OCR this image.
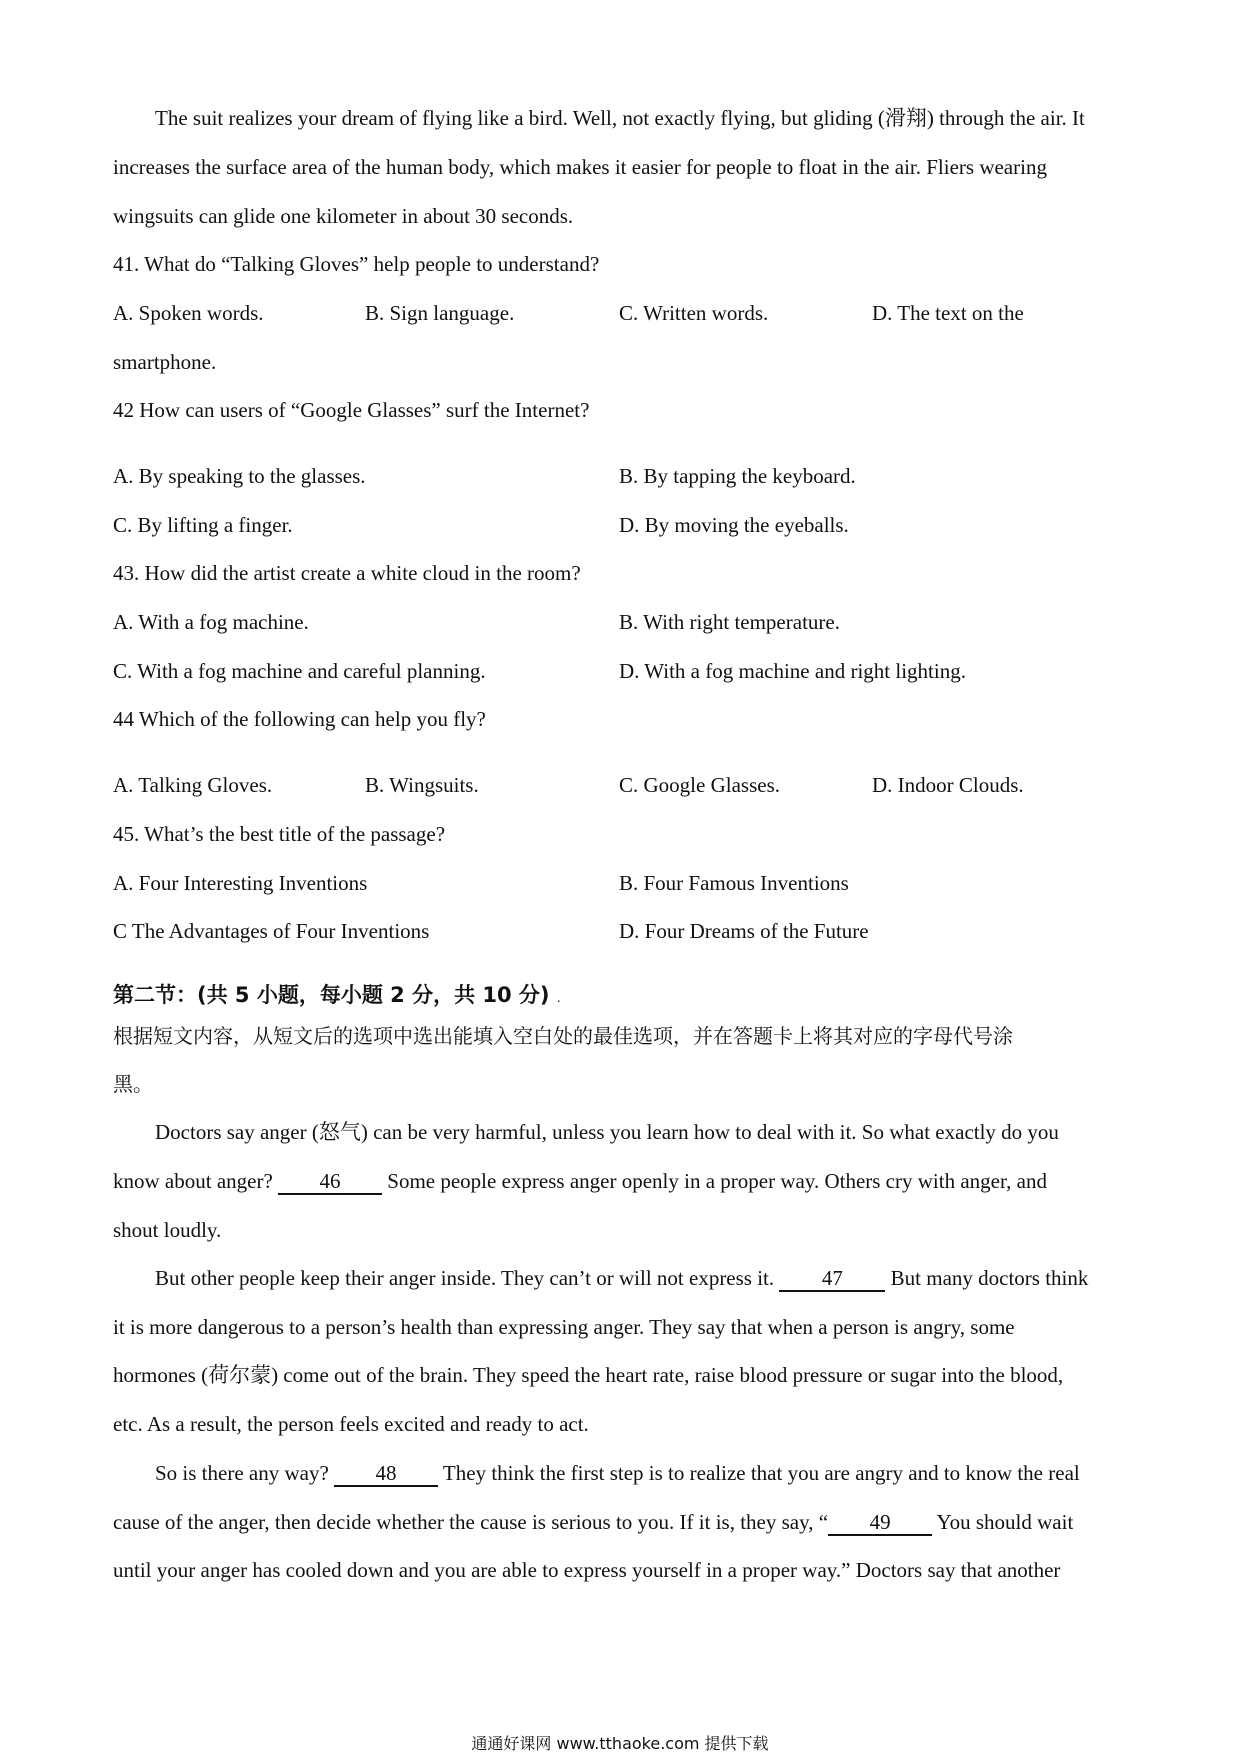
The suit realizes your dream of flying like a bird. Well, not exactly flying, but gliding (滑翔) through the air. It
increases the surface area of the human body, which makes it easier for people to float in the air. Fliers wearing
wingsuits can glide one kilometer in about 30 seconds.
41. What do “Talking Gloves” help people to understand?
A. Spoken words.	B. Sign language.	C. Written words.	D. The text on the
smartphone.
42 How can users of “Google Glasses” surf the Internet?
A. By speaking to the glasses.	B. By tapping the keyboard.
C. By lifting a finger.	D. By moving the eyeballs.
43. How did the artist create a white cloud in the room?
A. With a fog machine.	B. With right temperature.
C. With a fog machine and careful planning.	D. With a fog machine and right lighting.
44 Which of the following can help you fly?
A. Talking Gloves.	B. Wingsuits.	C. Google Glasses.	D. Indoor Clouds.
45. What’s the best title of the passage?
A. Four Interesting Inventions	B. Four Famous Inventions
C The Advantages of Four Inventions	D. Four Dreams of the Future
第二节：(共 5 小题，每小题 2 分，共 10 分) .
根据短文内容，从短文后的选项中选出能填入空白处的最佳选项，并在答题卡上将其对应的字母代号涂
黑。
Doctors say anger (怒气) can be very harmful, unless you learn how to deal with it. So what exactly do you
know about anger? 46 Some people express anger openly in a proper way. Others cry with anger, and
shout loudly.
But other people keep their anger inside. They can’t or will not express it. 47 But many doctors think
it is more dangerous to a person’s health than expressing anger. They say that when a person is angry, some
hormones (荷尔蒙) come out of the brain. They speed the heart rate, raise blood pressure or sugar into the blood,
etc. As a result, the person feels excited and ready to act.
So is there any way? 48 They think the first step is to realize that you are angry and to know the real
cause of the anger, then decide whether the cause is serious to you. If it is, they say, “ 49 You should wait
until your anger has cooled down and you are able to express yourself in a proper way.” Doctors say that another
通通好课网 www.tthaoke.com 提供下载
